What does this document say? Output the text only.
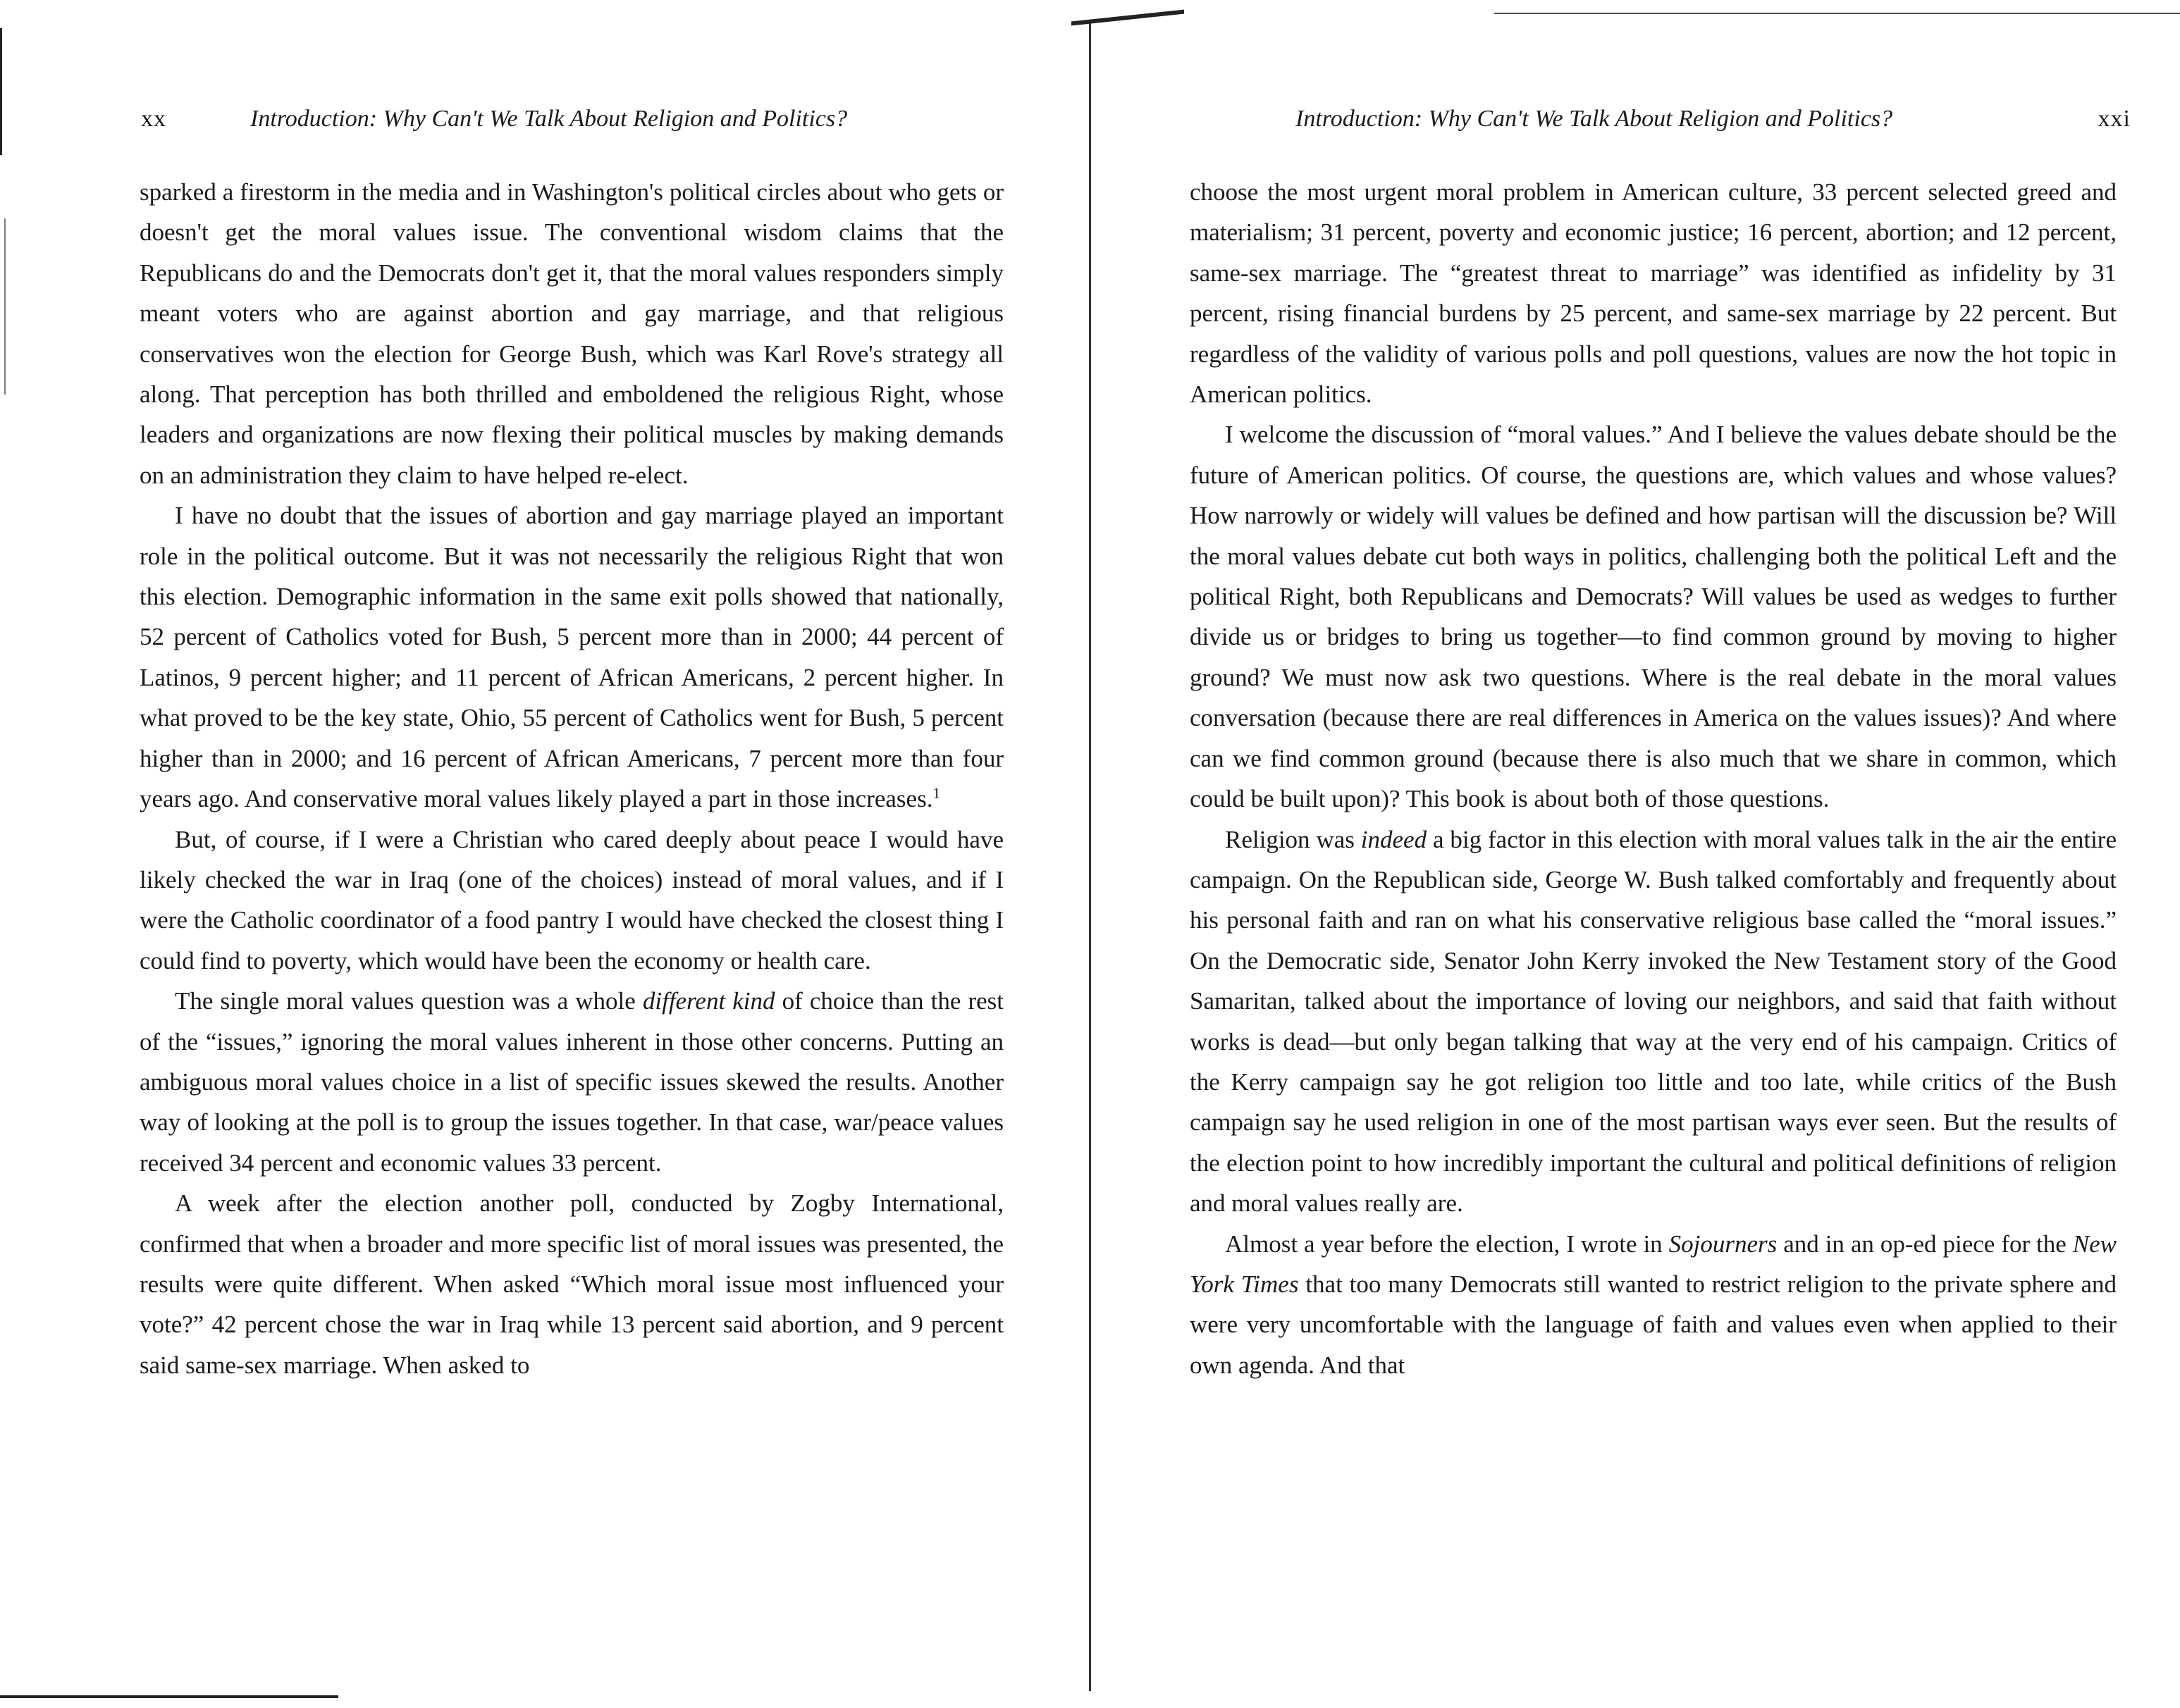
xx	Introduction: Why Can't We Talk About Religion and Politics?

sparked a firestorm in the media and in Washington's political circles about who gets or doesn't get the moral values issue. The conventional wisdom claims that the Republicans do and the Democrats don't get it, that the moral values responders simply meant voters who are against abortion and gay marriage, and that religious conservatives won the election for George Bush, which was Karl Rove's strategy all along. That perception has both thrilled and emboldened the religious Right, whose leaders and organizations are now flexing their political muscles by making demands on an administration they claim to have helped re-elect.

I have no doubt that the issues of abortion and gay marriage played an important role in the political outcome. But it was not necessarily the religious Right that won this election. Demographic information in the same exit polls showed that nationally, 52 percent of Catholics voted for Bush, 5 percent more than in 2000; 44 percent of Latinos, 9 percent higher; and 11 percent of African Americans, 2 percent higher. In what proved to be the key state, Ohio, 55 percent of Catholics went for Bush, 5 percent higher than in 2000; and 16 percent of African Americans, 7 percent more than four years ago. And conservative moral values likely played a part in those increases.$^1$

But, of course, if I were a Christian who cared deeply about peace I would have likely checked the war in Iraq (one of the choices) instead of moral values, and if I were the Catholic coordinator of a food pantry I would have checked the closest thing I could find to poverty, which would have been the economy or health care.

The single moral values question was a whole different kind of choice than the rest of the “issues,” ignoring the moral values inherent in those other concerns. Putting an ambiguous moral values choice in a list of specific issues skewed the results. Another way of looking at the poll is to group the issues together. In that case, war/peace values received 34 percent and economic values 33 percent.

A week after the election another poll, conducted by Zogby International, confirmed that when a broader and more specific list of moral issues was presented, the results were quite different. When asked “Which moral issue most influenced your vote?” 42 percent chose the war in Iraq while 13 percent said abortion, and 9 percent said same-sex marriage. When asked to

Introduction: Why Can't We Talk About Religion and Politics?	xxi

choose the most urgent moral problem in American culture, 33 percent selected greed and materialism; 31 percent, poverty and economic justice; 16 percent, abortion; and 12 percent, same-sex marriage. The “greatest threat to marriage” was identified as infidelity by 31 percent, rising financial burdens by 25 percent, and same-sex marriage by 22 percent. But regardless of the validity of various polls and poll questions, values are now the hot topic in American politics.

I welcome the discussion of “moral values.” And I believe the values debate should be the future of American politics. Of course, the questions are, which values and whose values? How narrowly or widely will values be defined and how partisan will the discussion be? Will the moral values debate cut both ways in politics, challenging both the political Left and the political Right, both Republicans and Democrats? Will values be used as wedges to further divide us or bridges to bring us together—to find common ground by moving to higher ground? We must now ask two questions. Where is the real debate in the moral values conversation (because there are real differences in America on the values issues)? And where can we find common ground (because there is also much that we share in common, which could be built upon)? This book is about both of those questions.

Religion was indeed a big factor in this election with moral values talk in the air the entire campaign. On the Republican side, George W. Bush talked comfortably and frequently about his personal faith and ran on what his conservative religious base called the “moral issues.” On the Democratic side, Senator John Kerry invoked the New Testament story of the Good Samaritan, talked about the importance of loving our neighbors, and said that faith without works is dead—but only began talking that way at the very end of his campaign. Critics of the Kerry campaign say he got religion too little and too late, while critics of the Bush campaign say he used religion in one of the most partisan ways ever seen. But the results of the election point to how incredibly important the cultural and political definitions of religion and moral values really are.

Almost a year before the election, I wrote in Sojourners and in an op-ed piece for the New York Times that too many Democrats still wanted to restrict religion to the private sphere and were very uncomfortable with the language of faith and values even when applied to their own agenda. And that
